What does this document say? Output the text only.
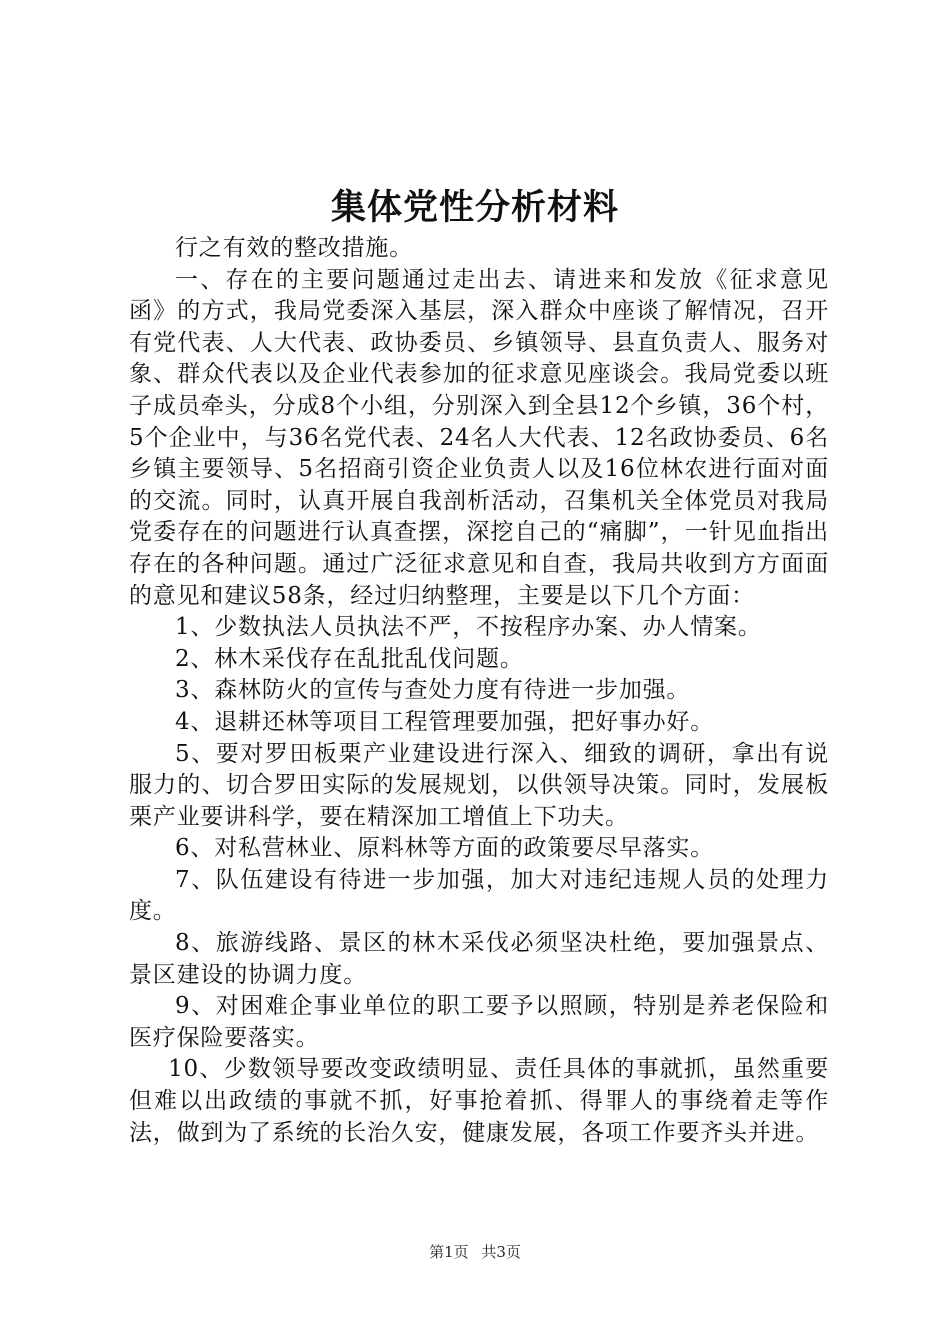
集体党性分析材料

行之有效的整改措施。

一、存在的主要问题通过走出去、请进来和发放《征求意见函》的方式，我局党委深入基层，深入群众中座谈了解情况，召开有党代表、人大代表、政协委员、乡镇领导、县直负责人、服务对象、群众代表以及企业代表参加的征求意见座谈会。我局党委以班子成员牵头，分成8个小组，分别深入到全县12个乡镇，36个村，5个企业中，与36名党代表、24名人大代表、12名政协委员、6名乡镇主要领导、5名招商引资企业负责人以及16位林农进行面对面的交流。同时，认真开展自我剖析活动，召集机关全体党员对我局党委存在的问题进行认真查摆，深挖自己的“痛脚”，一针见血指出存在的各种问题。通过广泛征求意见和自查，我局共收到方方面面的意见和建议58条，经过归纳整理，主要是以下几个方面：

1、少数执法人员执法不严，不按程序办案、办人情案。

2、林木采伐存在乱批乱伐问题。

3、森林防火的宣传与查处力度有待进一步加强。

4、退耕还林等项目工程管理要加强，把好事办好。

5、要对罗田板栗产业建设进行深入、细致的调研，拿出有说服力的、切合罗田实际的发展规划，以供领导决策。同时，发展板栗产业要讲科学，要在精深加工增值上下功夫。

6、对私营林业、原料林等方面的政策要尽早落实。

7、队伍建设有待进一步加强，加大对违纪违规人员的处理力度。

8、旅游线路、景区的林木采伐必须坚决杜绝，要加强景点、景区建设的协调力度。

9、对困难企事业单位的职工要予以照顾，特别是养老保险和医疗保险要落实。

10、少数领导要改变政绩明显、责任具体的事就抓，虽然重要但难以出政绩的事就不抓，好事抢着抓、得罪人的事绕着走等作法，做到为了系统的长治久安，健康发展，各项工作要齐头并进。

第1页 共3页
